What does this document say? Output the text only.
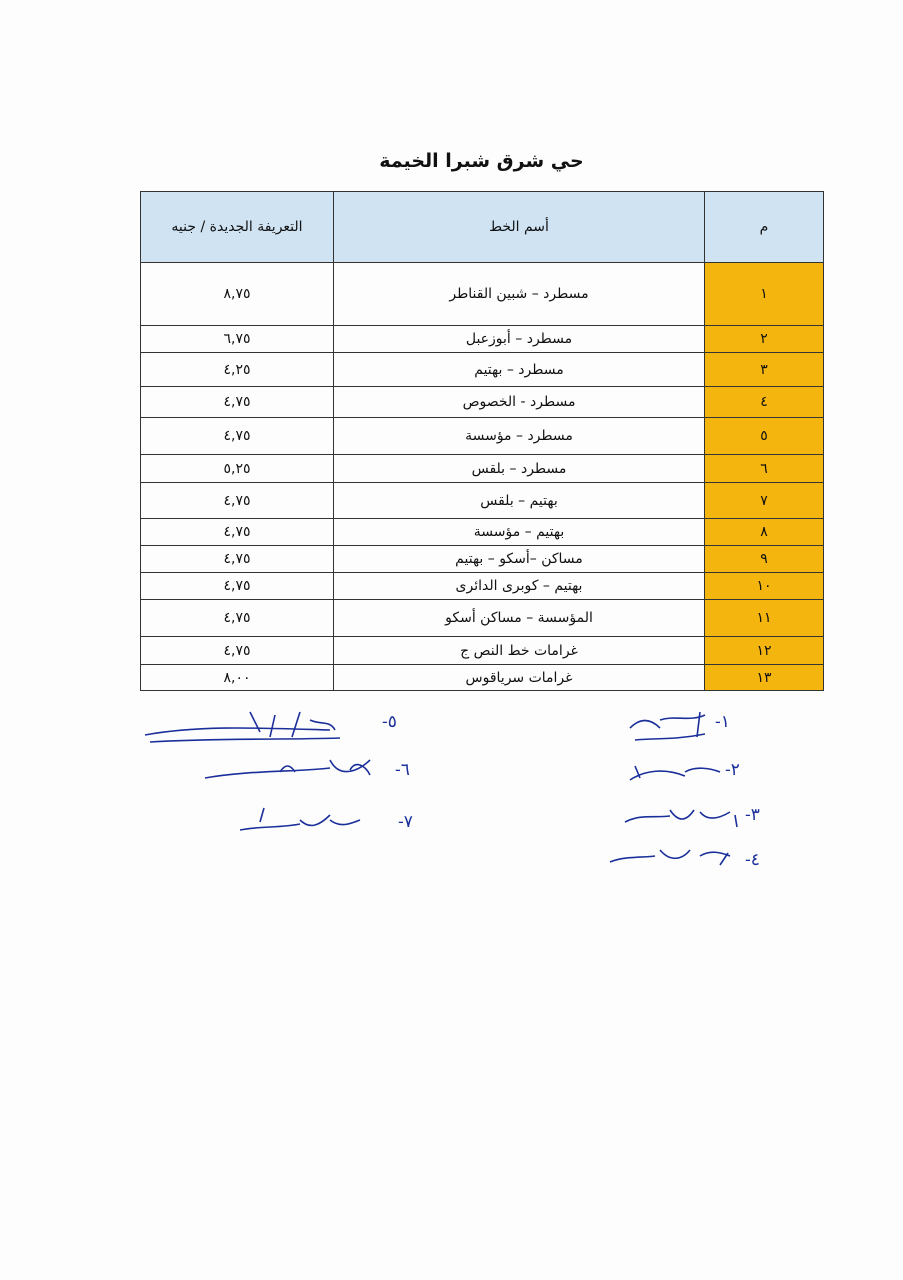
حي شرق شبرا الخيمة
م	أسم الخط	التعريفة الجديدة / جنيه
١	مسطرد – شبين القناطر	٨,٧٥
٢	مسطرد – أبوزعبل	٦,٧٥
٣	مسطرد – بهتيم	٤,٢٥
٤	مسطرد - الخصوص	٤,٧٥
٥	مسطرد – مؤسسة	٤,٧٥
٦	مسطرد – بلقس	٥,٢٥
٧	بهتيم – بلقس	٤,٧٥
٨	بهتيم – مؤسسة	٤,٧٥
٩	مساكن –أسكو – بهتيم	٤,٧٥
١٠	بهتيم – كوبرى الدائرى	٤,٧٥
١١	المؤسسة – مساكن أسكو	٤,٧٥
١٢	غرامات خط النص ج	٤,٧٥
١٣	غرامات سرياقوس	٨,٠٠
٥-
٦-
٧-
١-
٢-
٣-
٤-
